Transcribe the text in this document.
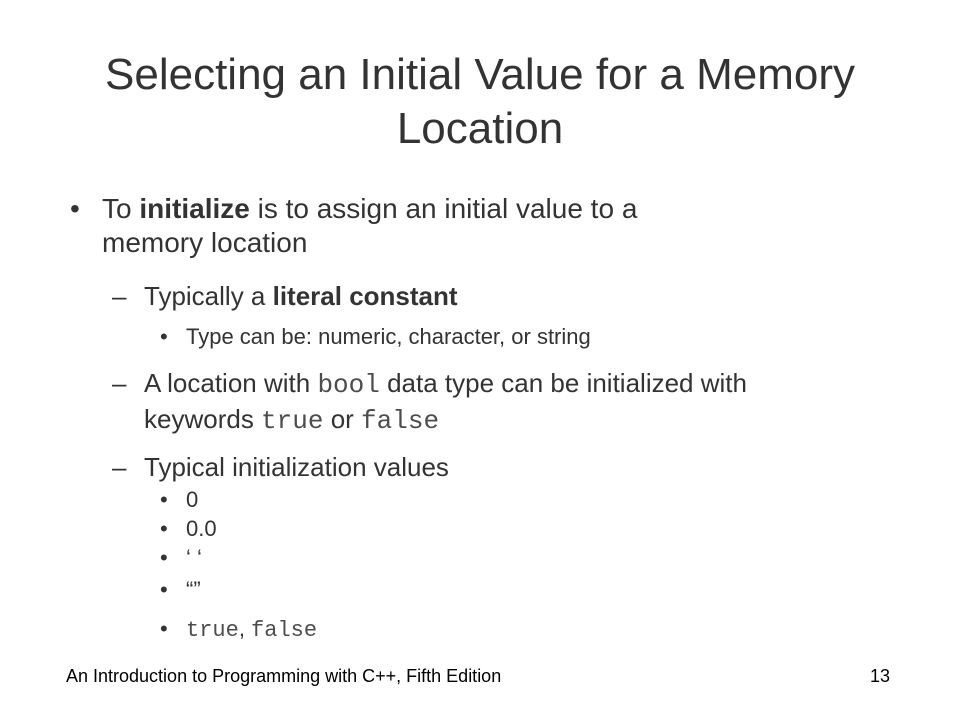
Selecting an Initial Value for a Memory
Location
• To initialize is to assign an initial value to a
memory location
– Typically a literal constant
• Type can be: numeric, character, or string
– A location with bool data type can be initialized with
keywords true or false
– Typical initialization values
• 0
• 0.0
• ‘ ‘
• “”
• true, false
An Introduction to Programming with C++, Fifth Edition	13
